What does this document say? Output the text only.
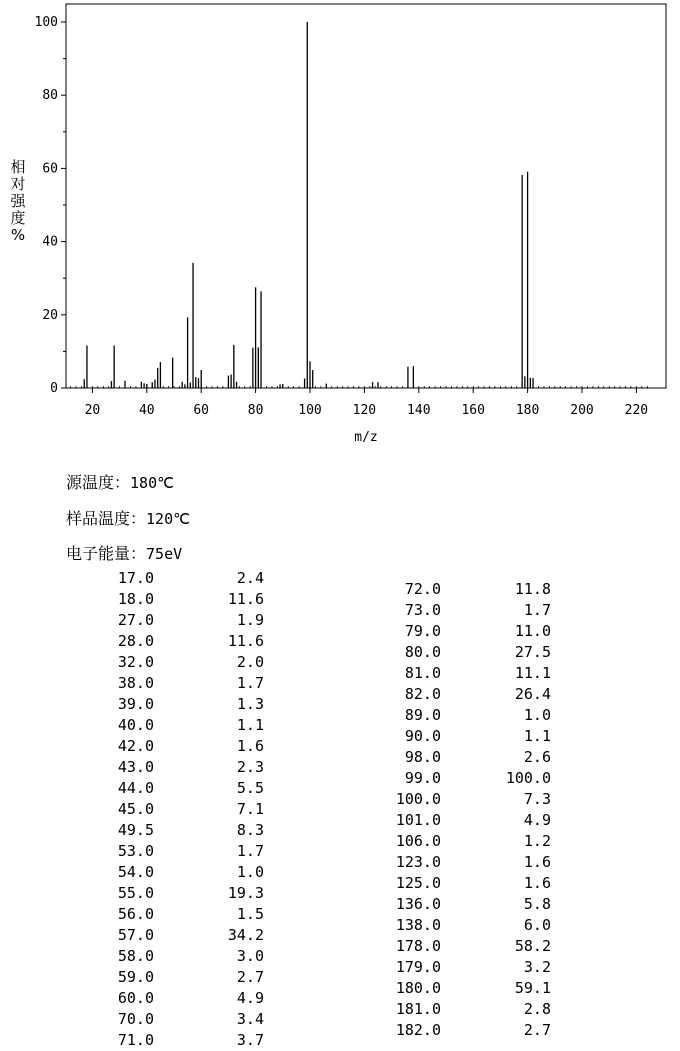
0
20
40
60
80
100
20	40	60	80	100 120 140 160 180 200 220
m/z
相对强度%
源温度：180℃
样品温度：120℃
电子能量：75eV
17.0	2.4
18.0	11.6
27.0	1.9
28.0	11.6
32.0	2.0
38.0	1.7
39.0	1.3
40.0	1.1
42.0	1.6
43.0	2.3
44.0	5.5
45.0	7.1
49.5	8.3
53.0	1.7
54.0	1.0
55.0	19.3
56.0	1.5
57.0	34.2
58.0	3.0
59.0	2.7
60.0	4.9
70.0	3.4
71.0	3.7
72.0	11.8
73.0	1.7
79.0	11.0
80.0	27.5
81.0	11.1
82.0	26.4
89.0	1.0
90.0	1.1
98.0	2.6
99.0	100.0
100.0	7.3
101.0	4.9
106.0	1.2
123.0	1.6
125.0	1.6
136.0	5.8
138.0	6.0
178.0	58.2
179.0	3.2
180.0	59.1
181.0	2.8
182.0	2.7
